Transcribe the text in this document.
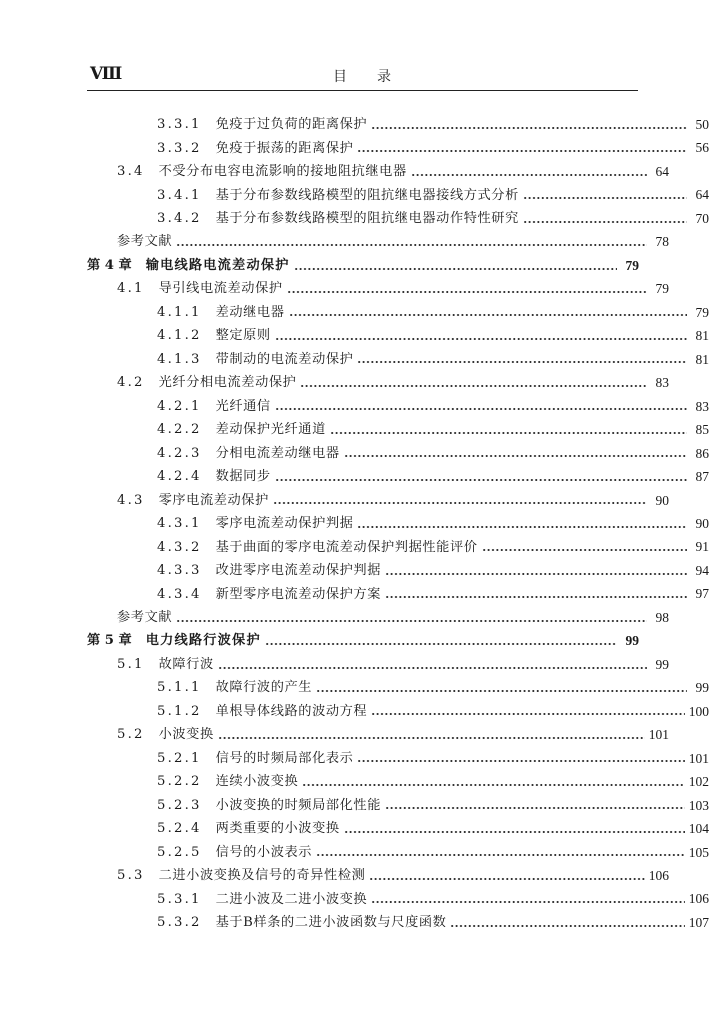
Ⅷ	目录
3.3.1 免疫于过负荷的距离保护	50
3.3.2 免疫于振荡的距离保护	56
3.4 不受分布电容电流影响的接地阻抗继电器	64
3.4.1 基于分布参数线路模型的阻抗继电器接线方式分析	64
3.4.2 基于分布参数线路模型的阻抗继电器动作特性研究	70
参考文献	78
第 4 章 输电线路电流差动保护	79
4.1 导引线电流差动保护	79
4.1.1 差动继电器	79
4.1.2 整定原则	81
4.1.3 带制动的电流差动保护	81
4.2 光纤分相电流差动保护	83
4.2.1 光纤通信	83
4.2.2 差动保护光纤通道	85
4.2.3 分相电流差动继电器	86
4.2.4 数据同步	87
4.3 零序电流差动保护	90
4.3.1 零序电流差动保护判据	90
4.3.2 基于曲面的零序电流差动保护判据性能评价	91
4.3.3 改进零序电流差动保护判据	94
4.3.4 新型零序电流差动保护方案	97
参考文献	98
第 5 章 电力线路行波保护	99
5.1 故障行波	99
5.1.1 故障行波的产生	99
5.1.2 单根导体线路的波动方程	100
5.2 小波变换	101
5.2.1 信号的时频局部化表示	101
5.2.2 连续小波变换	102
5.2.3 小波变换的时频局部化性能	103
5.2.4 两类重要的小波变换	104
5.2.5 信号的小波表示	105
5.3 二进小波变换及信号的奇异性检测	106
5.3.1 二进小波及二进小波变换	106
5.3.2 基于B样条的二进小波函数与尺度函数	107
